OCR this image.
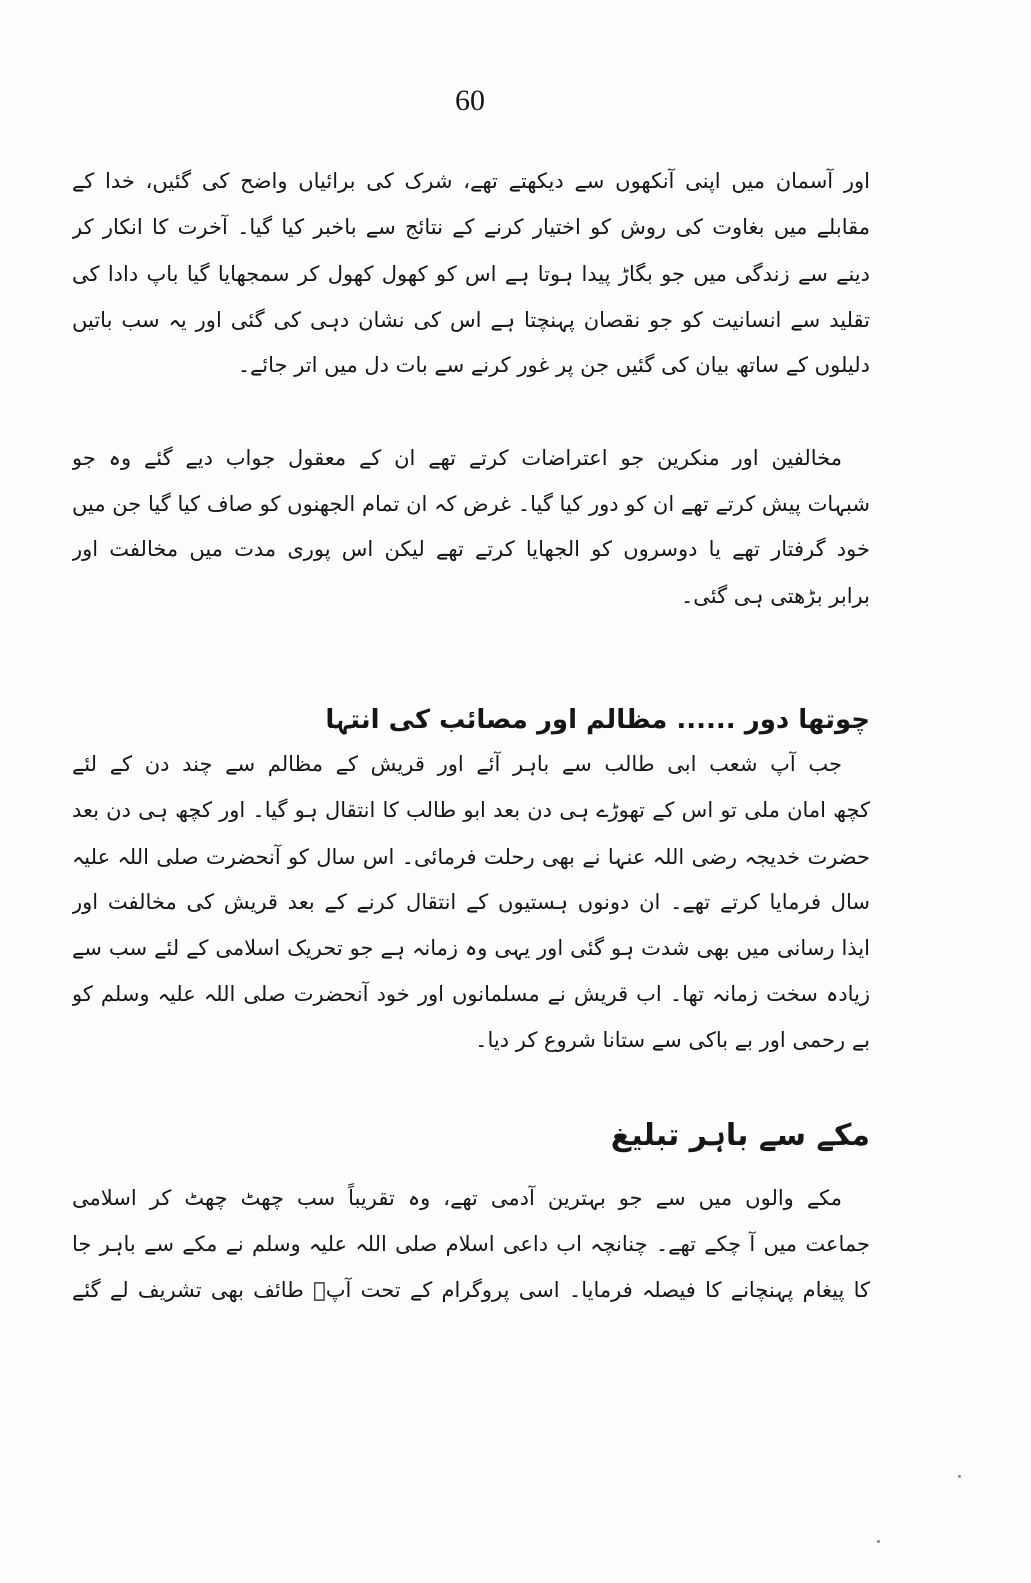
60
اور آسمان میں اپنی آنکھوں سے دیکھتے تھے، شرک کی برائیاں واضح کی گئیں، خدا کے
مقابلے میں بغاوت کی روش کو اختیار کرنے کے نتائج سے باخبر کیا گیا۔ آخرت کا انکار کر
دینے سے زندگی میں جو بگاڑ پیدا ہوتا ہے اس کو کھول کھول کر سمجھایا گیا باپ دادا کی
تقلید سے انسانیت کو جو نقصان پہنچتا ہے اس کی نشان دہی کی گئی اور یہ سب باتیں
دلیلوں کے ساتھ بیان کی گئیں جن پر غور کرنے سے بات دل میں اتر جائے۔
مخالفین اور منکرین جو اعتراضات کرتے تھے ان کے معقول جواب دیے گئے وہ جو
شبہات پیش کرتے تھے ان کو دور کیا گیا۔ غرض کہ ان تمام الجھنوں کو صاف کیا گیا جن میں
خود گرفتار تھے یا دوسروں کو الجھایا کرتے تھے لیکن اس پوری مدت میں مخالفت اور
برابر بڑھتی ہی گئی۔
چوتھا دور ...... مظالم اور مصائب کی انتہا
جب آپ شعب ابی طالب سے باہر آئے اور قریش کے مظالم سے چند دن کے لئے
کچھ امان ملی تو اس کے تھوڑے ہی دن بعد ابو طالب کا انتقال ہو گیا۔ اور کچھ ہی دن بعد
حضرت خدیجہ رضی اللہ عنہا نے بھی رحلت فرمائی۔ اس سال کو آنحضرت صلی اللہ علیہ
سال فرمایا کرتے تھے۔ ان دونوں ہستیوں کے انتقال کرنے کے بعد قریش کی مخالفت اور
ایذا رسانی میں بھی شدت ہو گئی اور یہی وہ زمانہ ہے جو تحریک اسلامی کے لئے سب سے
زیادہ سخت زمانہ تھا۔ اب قریش نے مسلمانوں اور خود آنحضرت صلی اللہ علیہ وسلم کو
بے رحمی اور بے باکی سے ستانا شروع کر دیا۔
مکے سے باہر تبلیغ
مکے والوں میں سے جو بہترین آدمی تھے، وہ تقریباً سب چھٹ چھٹ کر اسلامی
جماعت میں آ چکے تھے۔ چنانچہ اب داعی اسلام صلی اللہ علیہ وسلم نے مکے سے باہر جا
کا پیغام پہنچانے کا فیصلہ فرمایا۔ اسی پروگرام کے تحت آپؐ طائف بھی تشریف لے گئے
